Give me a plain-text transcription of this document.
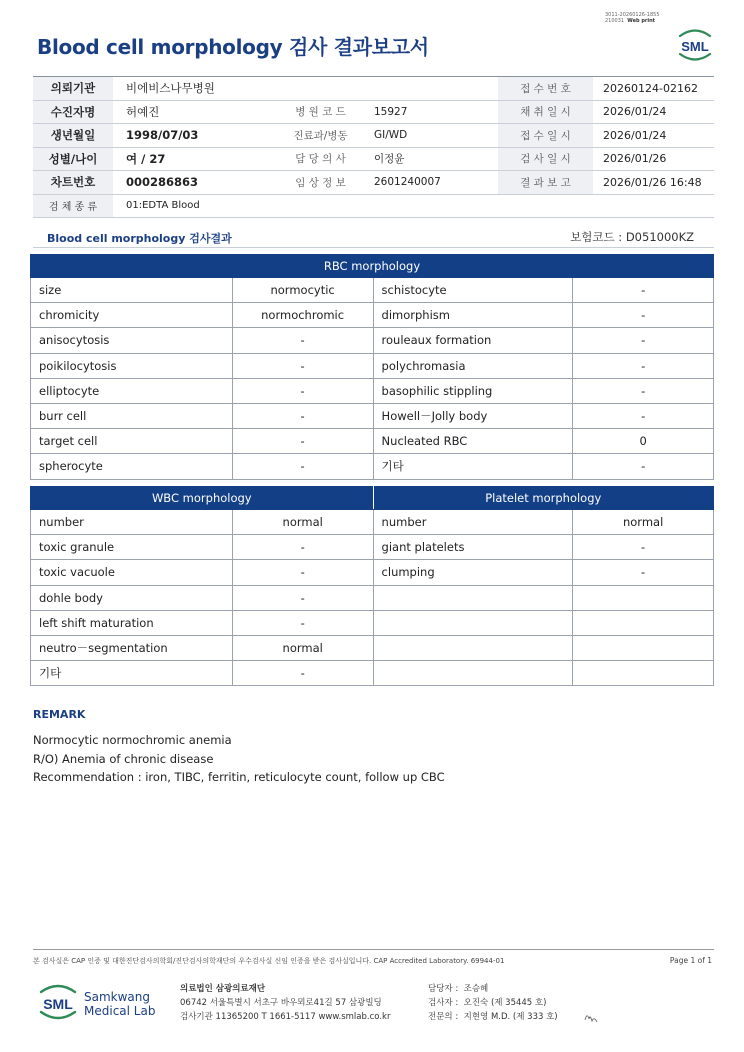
3011-20260126-1855
210031 Web print
Blood cell morphology 검사 결과보고서	SML
의뢰기관	비에비스나무병원			접 수 번 호	20260124-02162
수진자명	허예진	병 원 코 드	15927	채 취 일 시	2026/01/24
생년월일	1998/07/03	진료과/병동	GI/WD	접 수 일 시	2026/01/24
성별/나이	여 / 27	담 당 의 사	이정윤	검 사 일 시	2026/01/26
차트번호	000286863	임 상 정 보	2601240007	결 과 보 고	2026/01/26 16:48
검 체 종 류	01:EDTA Blood				
Blood cell morphology 검사결과	보험코드 : D051000KZ
RBC morphology			
size	normocytic	schistocyte	-
chromicity	normochromic	dimorphism	-
anisocytosis	-	rouleaux formation	-
poikilocytosis	-	polychromasia	-
elliptocyte	-	basophilic stippling	-
burr cell	-	Howell－Jolly body	-
target cell	-	Nucleated RBC	0
spherocyte	-	기타	-
WBC morphology		Platelet morphology	
number	normal	number	normal
toxic granule	-	giant platelets	-
toxic vacuole	-	clumping	-
dohle body	-		
left shift maturation	-		
neutro－segmentation	normal		
기타	-		
REMARK
Normocytic normochromic anemia
R/O) Anemia of chronic disease
Recommendation : iron, TIBC, ferritin, reticulocyte count, follow up CBC
본 검사실은 CAP 인증 및 대한진단검사의학회/진단검사의학재단의 우수검사실 신임 인증을 받은 검사실입니다. CAP Accredited Laboratory. 69944-01	Page 1 of 1
SML Samkwang
Medical Lab
의료법인 삼광의료재단
06742 서울특별시 서초구 바우뫼로41길 57 삼광빌딩
검사기관 11365200 T 1661-5117 www.smlab.co.kr
담당자 : 조승혜
검사자 : 오진숙 (제 35445 호)
전문의 : 지현영 M.D. (제 333 호)
